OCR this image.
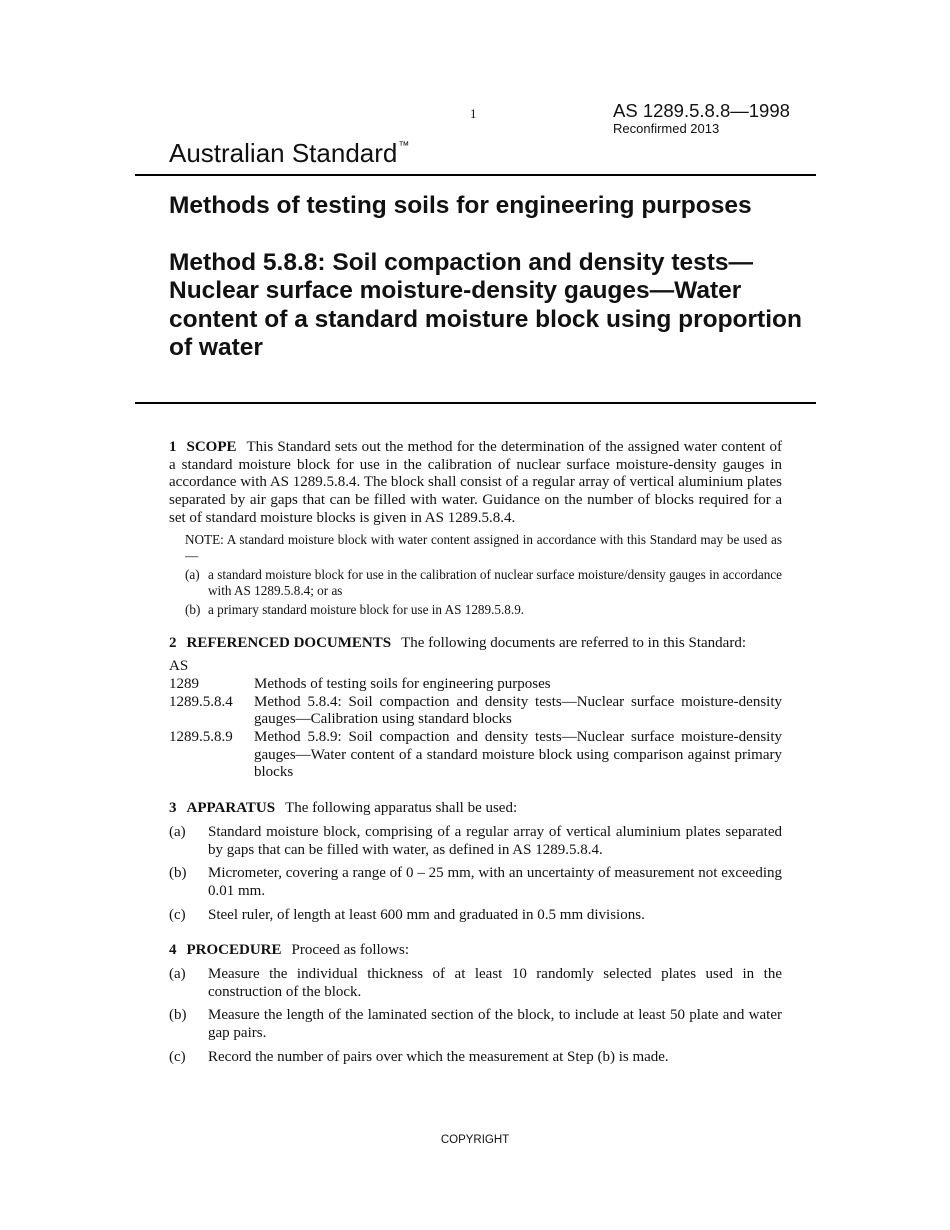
1	AS 1289.5.8.8—1998
Reconfirmed 2013
Australian Standard™
Methods of testing soils for engineering purposes
Method 5.8.8: Soil compaction and density tests—Nuclear surface moisture-density gauges—Water content of a standard moisture block using proportion of water

1 SCOPE This Standard sets out the method for the determination of the assigned water content of a standard moisture block for use in the calibration of nuclear surface moisture-density gauges in accordance with AS 1289.5.8.4. The block shall consist of a regular array of vertical aluminium plates separated by air gaps that can be filled with water. Guidance on the number of blocks required for a set of standard moisture blocks is given in AS 1289.5.8.4.

NOTE: A standard moisture block with water content assigned in accordance with this Standard may be used as—
(a) a standard moisture block for use in the calibration of nuclear surface moisture/density gauges in accordance with AS 1289.5.8.4; or as
(b) a primary standard moisture block for use in AS 1289.5.8.9.

2 REFERENCED DOCUMENTS The following documents are referred to in this Standard:

AS
1289	Methods of testing soils for engineering purposes
1289.5.8.4	Method 5.8.4: Soil compaction and density tests—Nuclear surface moisture-density gauges—Calibration using standard blocks
1289.5.8.9	Method 5.8.9: Soil compaction and density tests—Nuclear surface moisture-density gauges—Water content of a standard moisture block using comparison against primary blocks

3 APPARATUS The following apparatus shall be used:

(a)	Standard moisture block, comprising of a regular array of vertical aluminium plates separated by gaps that can be filled with water, as defined in AS 1289.5.8.4.
(b)	Micrometer, covering a range of 0 – 25 mm, with an uncertainty of measurement not exceeding 0.01 mm.
(c)	Steel ruler, of length at least 600 mm and graduated in 0.5 mm divisions.

4 PROCEDURE Proceed as follows:

(a)	Measure the individual thickness of at least 10 randomly selected plates used in the construction of the block.
(b)	Measure the length of the laminated section of the block, to include at least 50 plate and water gap pairs.
(c)	Record the number of pairs over which the measurement at Step (b) is made.
COPYRIGHT
